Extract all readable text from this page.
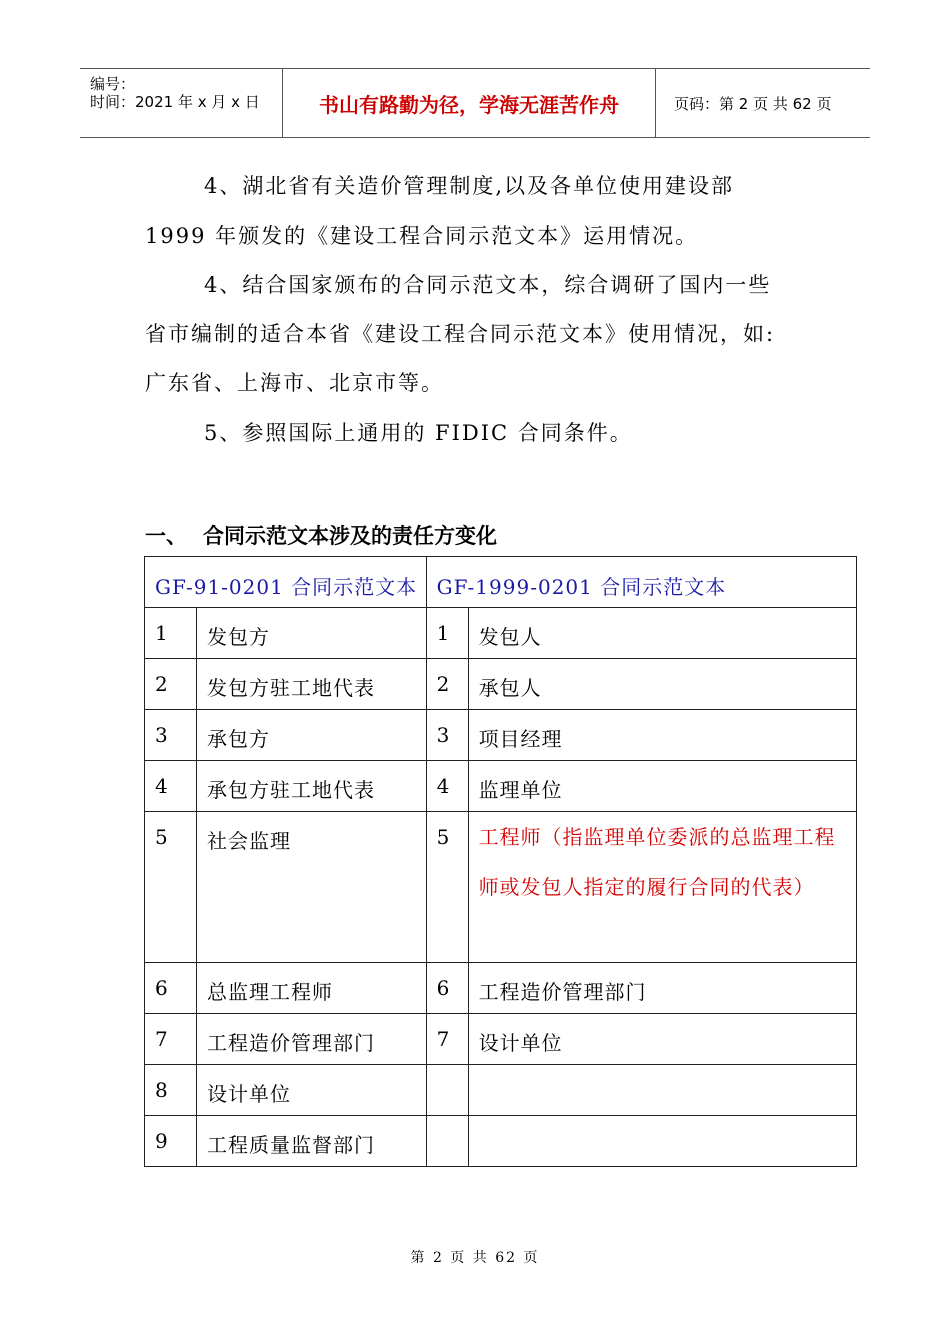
编号：
时间：2021 年 x 月 x 日	书山有路勤为径，学海无涯苦作舟	页码：第 2 页 共 62 页
4、湖北省有关造价管理制度,以及各单位使用建设部
1999 年颁发的《建设工程合同示范文本》运用情况。
4、结合国家颁布的合同示范文本，综合调研了国内一些
省市编制的适合本省《建设工程合同示范文本》使用情况，如:
广东省、上海市、北京市等。
5、参照国际上通用的 FIDIC 合同条件。
一、 合同示范文本涉及的责任方变化
GF-91-0201 合同示范文本		GF-1999-0201 合同示范文本	
1	发包方	1	发包人
2	发包方驻工地代表	2	承包人
3	承包方	3	项目经理
4	承包方驻工地代表	4	监理单位
5	社会监理	5	工程师（指监理单位委派的总监理工程师或发包人指定的履行合同的代表）
6	总监理工程师	6	工程造价管理部门
7	工程造价管理部门	7	设计单位
8	设计单位		
9	工程质量监督部门		
第 2 页 共 62 页
